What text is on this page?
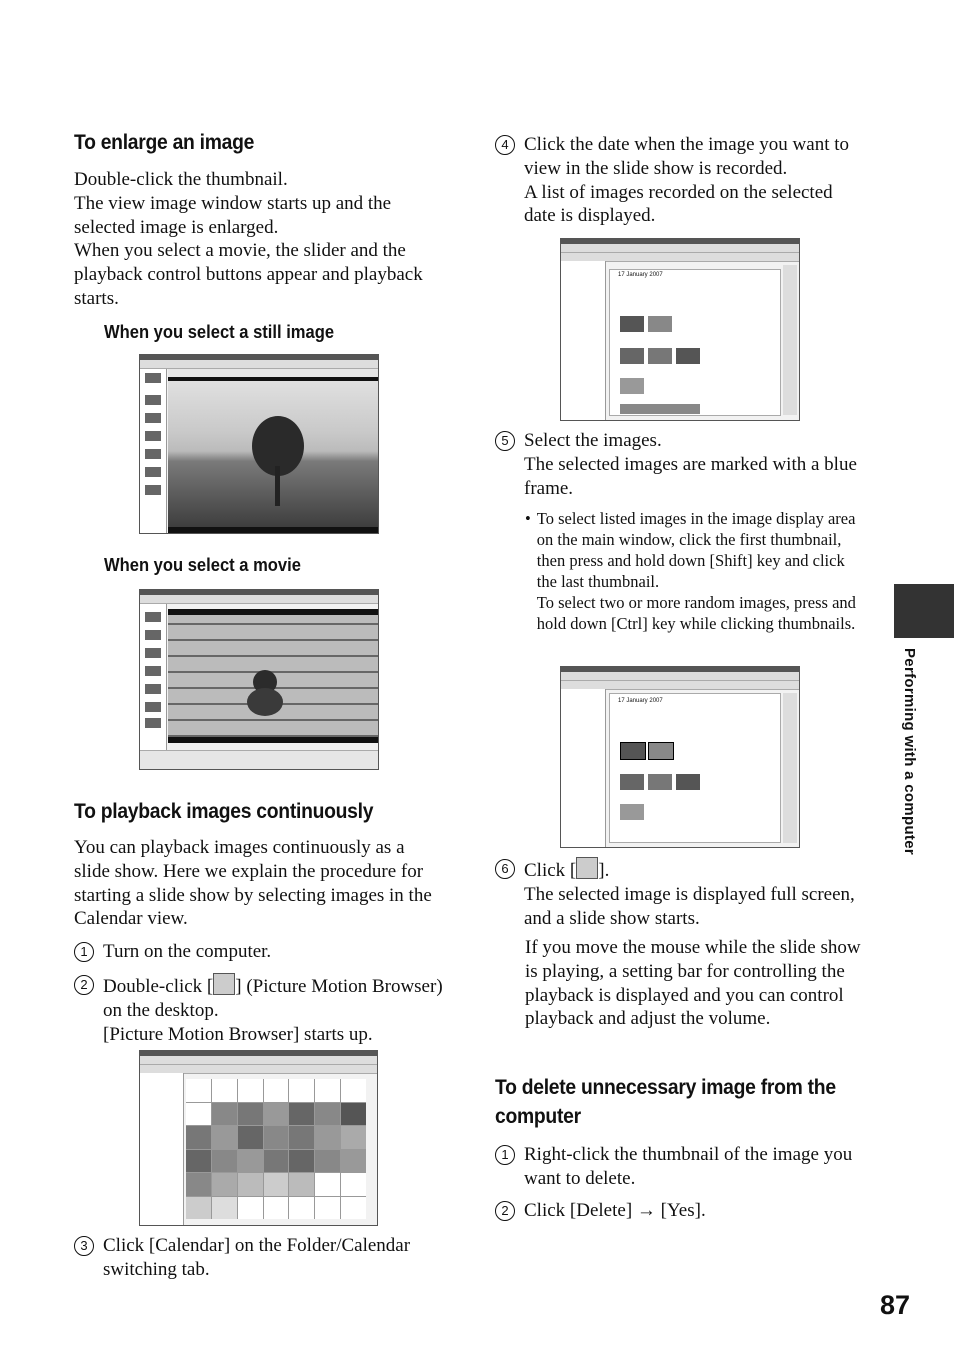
To enlarge an image
Double-click the thumbnail.
The view image window starts up and the selected image is enlarged.
When you select a movie, the slider and the playback control buttons appear and playback starts.
When you select a still image
When you select a movie
To playback images continuously
You can playback images continuously as a slide show. Here we explain the procedure for starting a slide show by selecting images in the Calendar view.
1 Turn on the computer.
2 Double-click [ ] (Picture Motion Browser) on the desktop.
[Picture Motion Browser] starts up.
3 Click [Calendar] on the Folder/Calendar switching tab.
4 Click the date when the image you want to view in the slide show is recorded.
A list of images recorded on the selected date is displayed.
17 January 2007
5 Select the images.
The selected images are marked with a blue frame.
• To select listed images in the image display area on the main window, click the first thumbnail, then press and hold down [Shift] key and click the last thumbnail.
To select two or more random images, press and hold down [Ctrl] key while clicking thumbnails.
17 January 2007
6 Click [ ].
The selected image is displayed full screen, and a slide show starts.
If you move the mouse while the slide show is playing, a setting bar for controlling the playback is displayed and you can control playback and adjust the volume.
To delete unnecessary image from the computer
1 Right-click the thumbnail of the image you want to delete.
2 Click [Delete] → [Yes].
Performing with a computer
87
